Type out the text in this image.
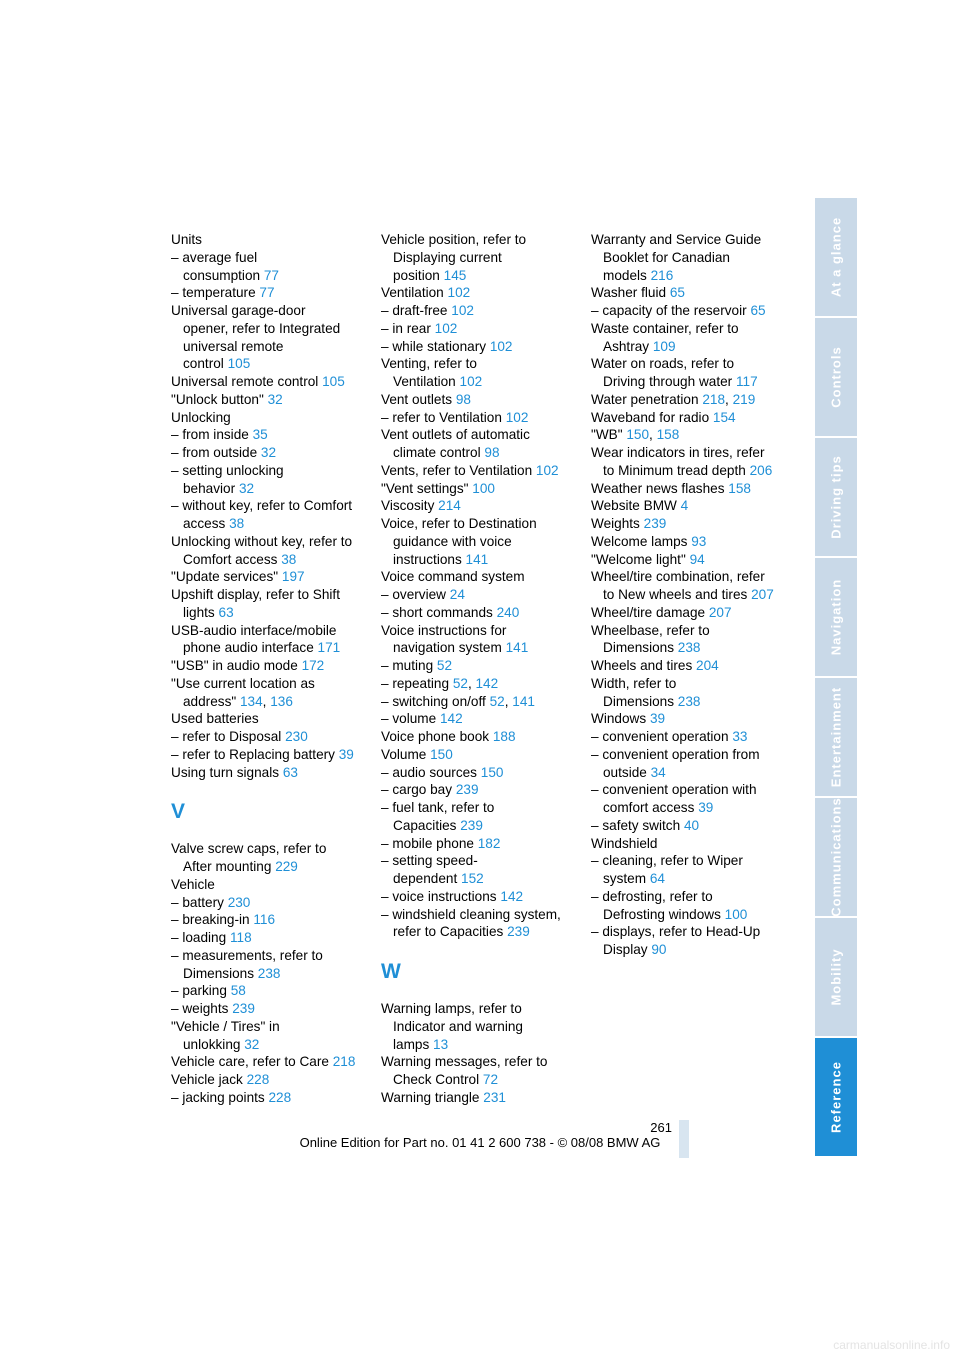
Units
– average fuel
consumption 77
– temperature 77
Universal garage-door
opener, refer to Integrated
universal remote
control 105
Universal remote control 105
"Unlock button" 32
Unlocking
– from inside 35
– from outside 32
– setting unlocking
behavior 32
– without key, refer to Comfort
access 38
Unlocking without key, refer to
Comfort access 38
"Update services" 197
Upshift display, refer to Shift
lights 63
USB-audio interface/mobile
phone audio interface 171
"USB" in audio mode 172
"Use current location as
address" 134, 136
Used batteries
– refer to Disposal 230
– refer to Replacing battery 39
Using turn signals 63
V
Valve screw caps, refer to
After mounting 229
Vehicle
– battery 230
– breaking-in 116
– loading 118
– measurements, refer to
Dimensions 238
– parking 58
– weights 239
"Vehicle / Tires" in
unlokking 32
Vehicle care, refer to Care 218
Vehicle jack 228
– jacking points 228
Vehicle position, refer to
Displaying current
position 145
Ventilation 102
– draft-free 102
– in rear 102
– while stationary 102
Venting, refer to
Ventilation 102
Vent outlets 98
– refer to Ventilation 102
Vent outlets of automatic
climate control 98
Vents, refer to Ventilation 102
"Vent settings" 100
Viscosity 214
Voice, refer to Destination
guidance with voice
instructions 141
Voice command system
– overview 24
– short commands 240
Voice instructions for
navigation system 141
– muting 52
– repeating 52, 142
– switching on/off 52, 141
– volume 142
Voice phone book 188
Volume 150
– audio sources 150
– cargo bay 239
– fuel tank, refer to
Capacities 239
– mobile phone 182
– setting speed-
dependent 152
– voice instructions 142
– windshield cleaning system,
refer to Capacities 239
W
Warning lamps, refer to
Indicator and warning
lamps 13
Warning messages, refer to
Check Control 72
Warning triangle 231
Warranty and Service Guide
Booklet for Canadian
models 216
Washer fluid 65
– capacity of the reservoir 65
Waste container, refer to
Ashtray 109
Water on roads, refer to
Driving through water 117
Water penetration 218, 219
Waveband for radio 154
"WB" 150, 158
Wear indicators in tires, refer
to Minimum tread depth 206
Weather news flashes 158
Website BMW 4
Weights 239
Welcome lamps 93
"Welcome light" 94
Wheel/tire combination, refer
to New wheels and tires 207
Wheel/tire damage 207
Wheelbase, refer to
Dimensions 238
Wheels and tires 204
Width, refer to
Dimensions 238
Windows 39
– convenient operation 33
– convenient operation from
outside 34
– convenient operation with
comfort access 39
– safety switch 40
Windshield
– cleaning, refer to Wiper
system 64
– defrosting, refer to
Defrosting windows 100
– displays, refer to Head-Up
Display 90
At a glance
Controls
Driving tips
Navigation
Entertainment
Communications
Mobility
Reference
261
Online Edition for Part no. 01 41 2 600 738 - © 08/08 BMW AG
carmanualsonline.info
